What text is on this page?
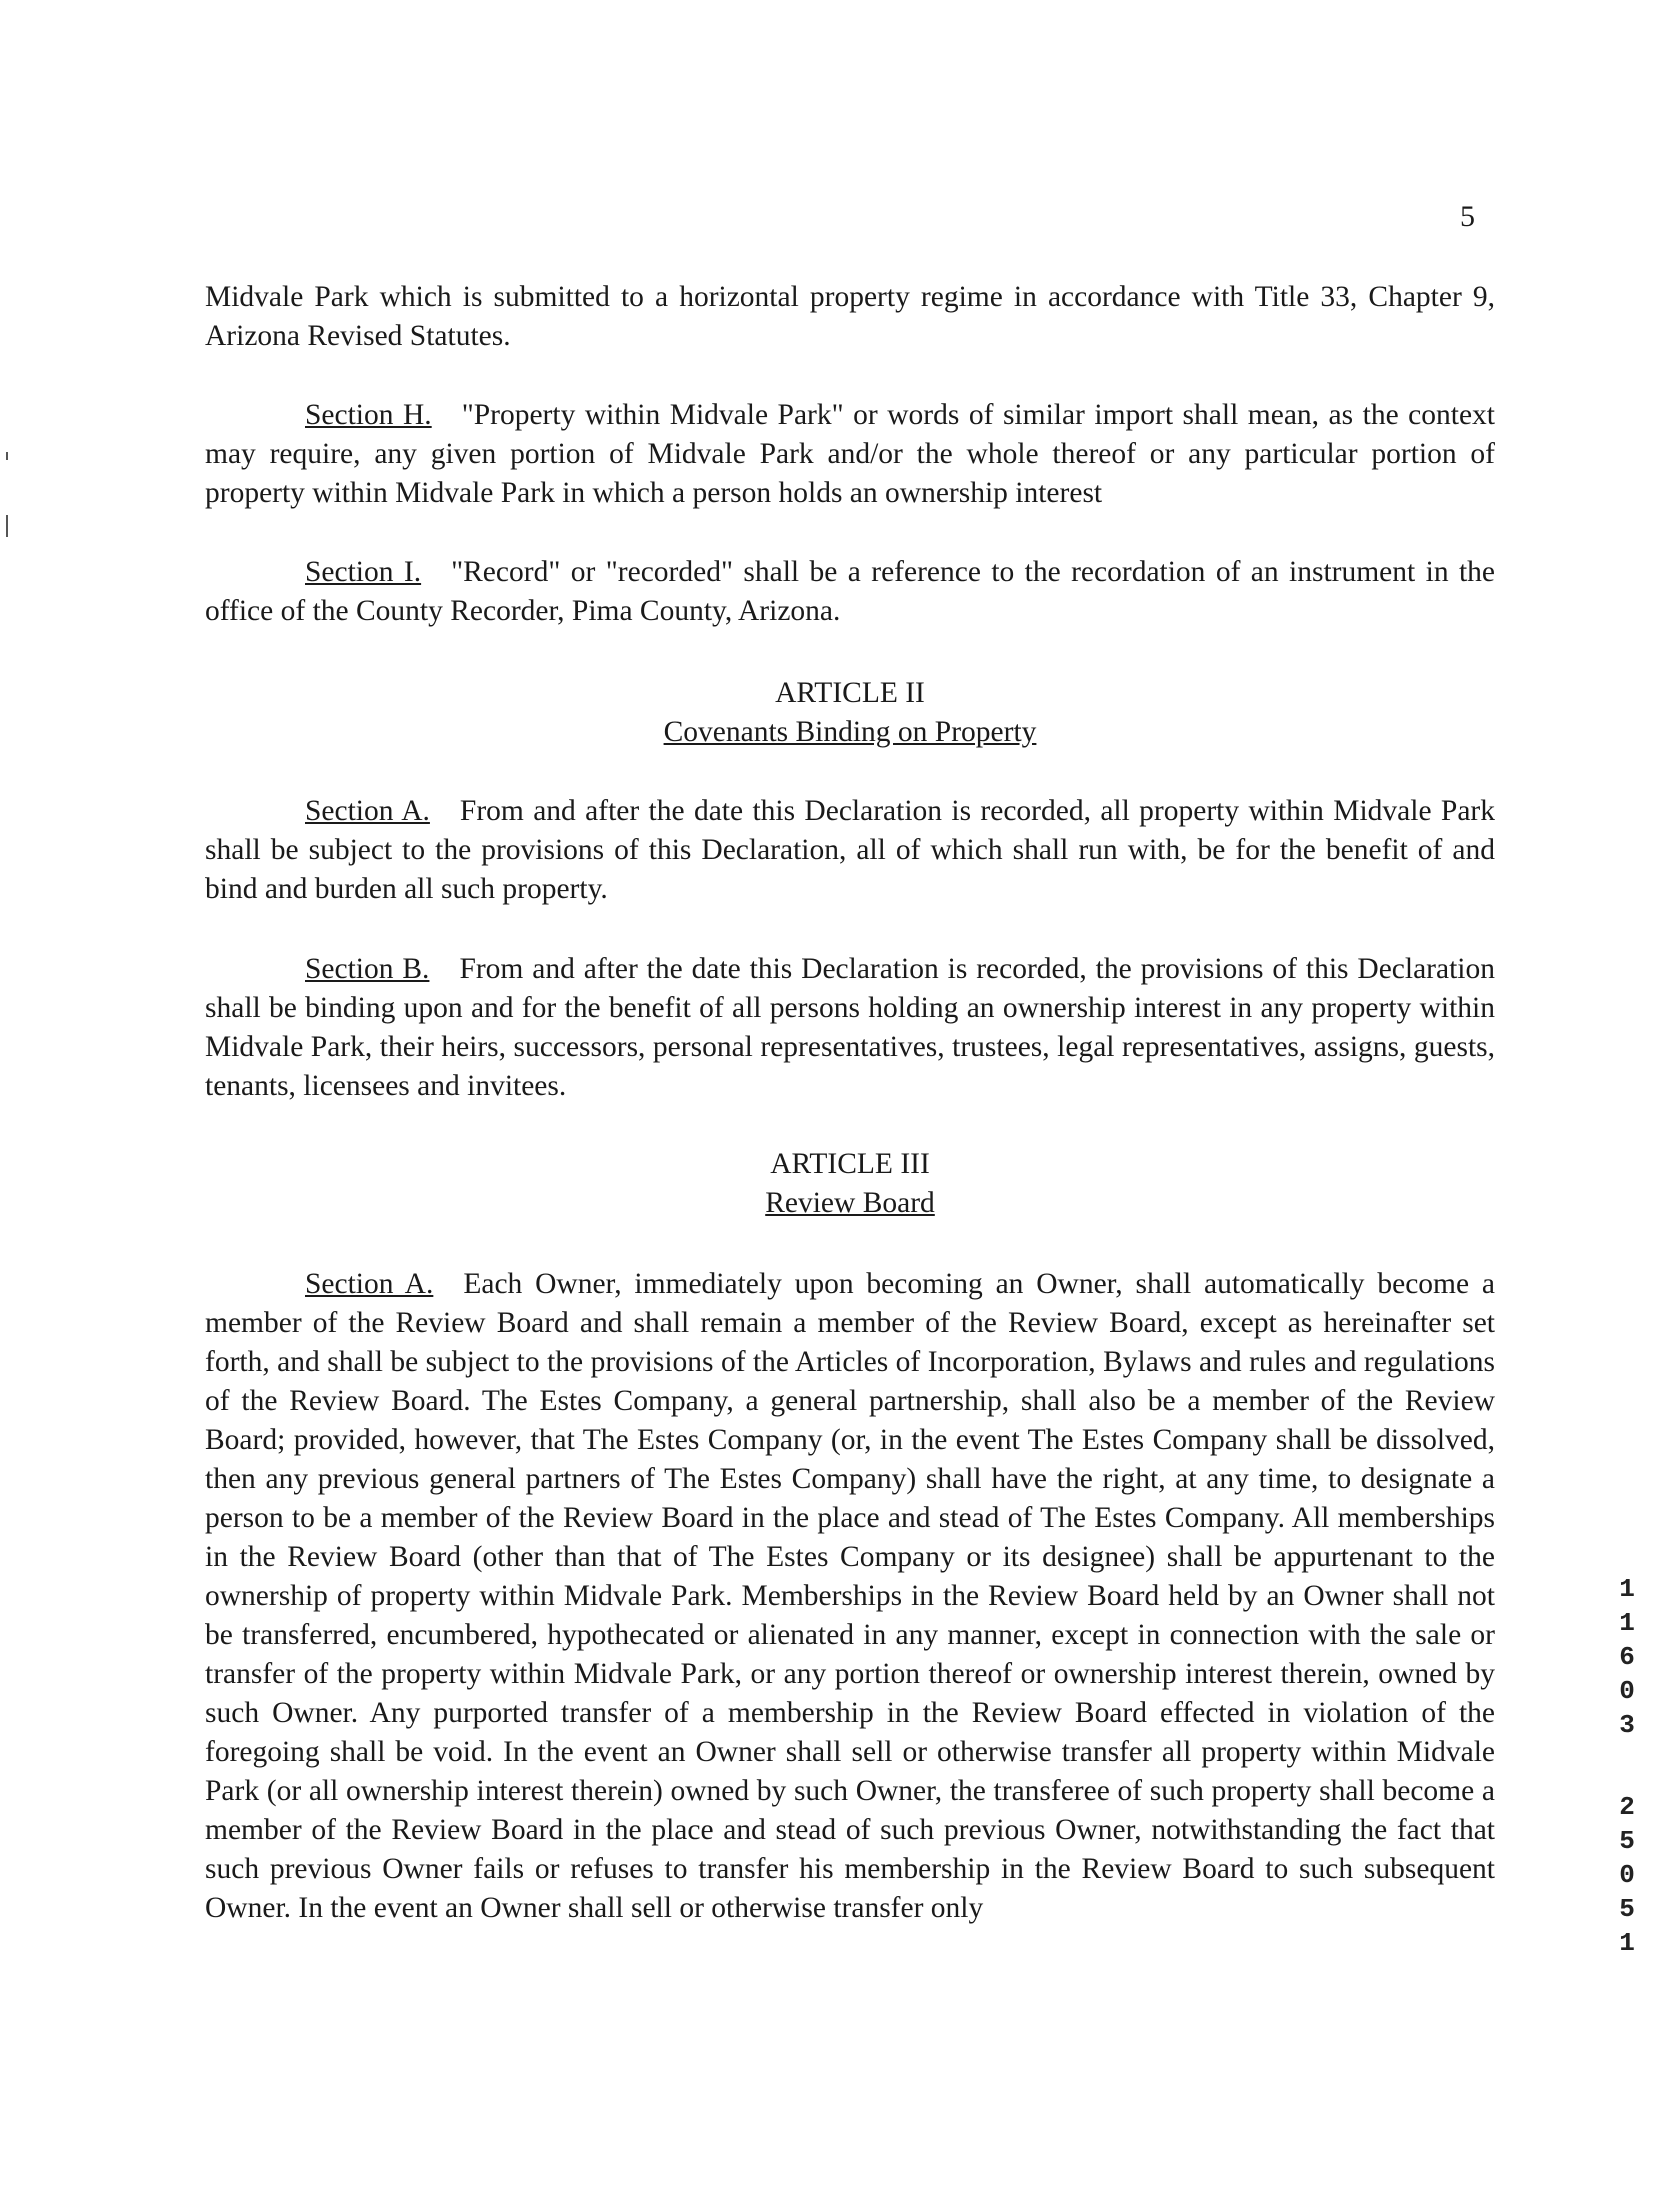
5
Midvale Park which is submitted to a horizontal property regime in accordance with Title 33, Chapter 9, Arizona Revised Statutes.
Section H. "Property within Midvale Park" or words of similar import shall mean, as the context may require, any given portion of Midvale Park and/or the whole thereof or any particular portion of property within Midvale Park in which a person holds an ownership interest
Section I. "Record" or "recorded" shall be a reference to the recordation of an instrument in the office of the County Recorder, Pima County, Arizona.
ARTICLE II
Covenants Binding on Property
Section A. From and after the date this Declaration is recorded, all property within Midvale Park shall be subject to the provisions of this Declaration, all of which shall run with, be for the benefit of and bind and burden all such property.
Section B. From and after the date this Declaration is recorded, the provisions of this Declaration shall be binding upon and for the benefit of all persons holding an ownership interest in any property within Midvale Park, their heirs, successors, personal representatives, trustees, legal representatives, assigns, guests, tenants, licensees and invitees.
ARTICLE III
Review Board
Section A. Each Owner, immediately upon becoming an Owner, shall automatically become a member of the Review Board and shall remain a member of the Review Board, except as hereinafter set forth, and shall be subject to the provisions of the Articles of Incorporation, Bylaws and rules and regulations of the Review Board. The Estes Company, a general partnership, shall also be a member of the Review Board; provided, however, that The Estes Company (or, in the event The Estes Company shall be dissolved, then any previous general partners of The Estes Company) shall have the right, at any time, to designate a person to be a member of the Review Board in the place and stead of The Estes Company. All memberships in the Review Board (other than that of The Estes Company or its designee) shall be appurtenant to the ownership of property within Midvale Park. Memberships in the Review Board held by an Owner shall not be transferred, encumbered, hypothecated or alienated in any manner, except in connection with the sale or transfer of the property within Midvale Park, or any portion thereof or ownership interest therein, owned by such Owner. Any purported transfer of a membership in the Review Board effected in violation of the foregoing shall be void. In the event an Owner shall sell or otherwise transfer all property within Midvale Park (or all ownership interest therein) owned by such Owner, the transferee of such property shall become a member of the Review Board in the place and stead of such previous Owner, notwithstanding the fact that such previous Owner fails or refuses to transfer his membership in the Review Board to such subsequent Owner. In the event an Owner shall sell or otherwise transfer only
11603
25051
